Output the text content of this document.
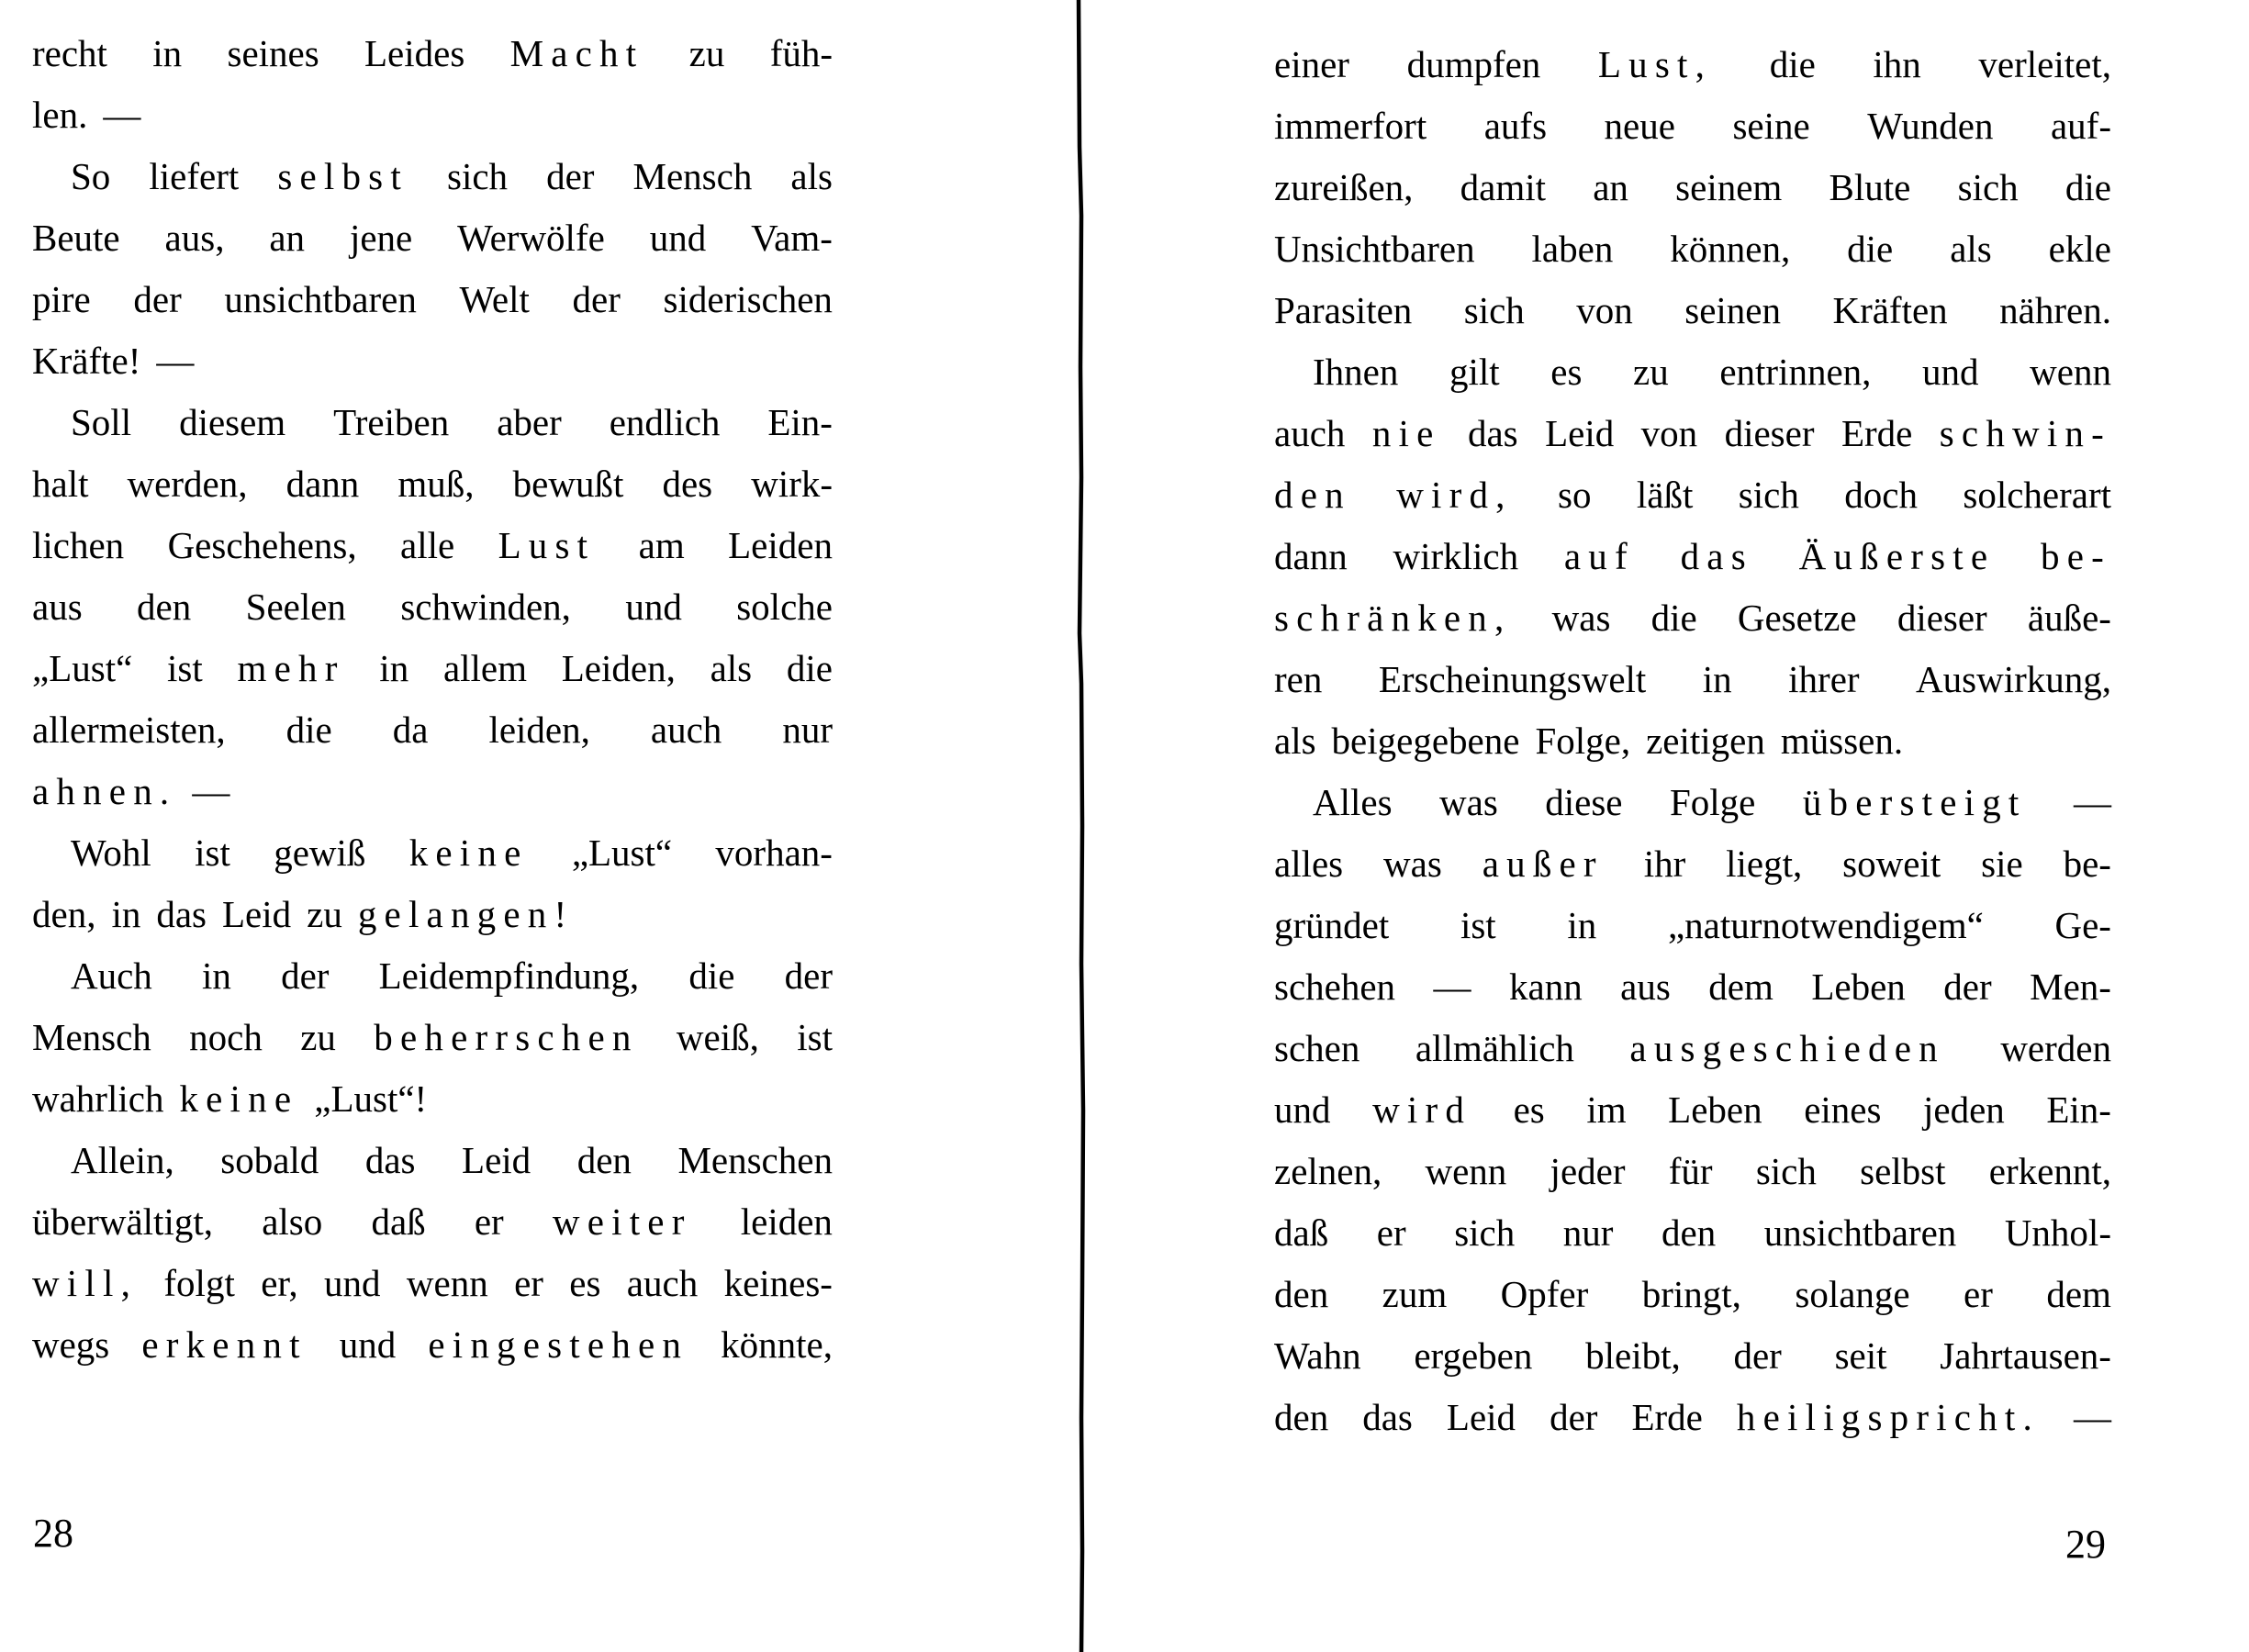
recht in seines Leides Macht zu füh-
len. —
So liefert selbst sich der Mensch als
Beute aus, an jene Werwölfe und Vam-
pire der unsichtbaren Welt der siderischen
Kräfte! —
Soll diesem Treiben aber endlich Ein-
halt werden, dann muß, bewußt des wirk-
lichen Geschehens, alle Lust am Leiden
aus den Seelen schwinden, und solche
„Lust“ ist mehr in allem Leiden, als die
allermeisten, die da leiden, auch nur
ahnen. —
Wohl ist gewiß keine „Lust“ vorhan-
den, in das Leid zu gelangen!
Auch in der Leidempfindung, die der
Mensch noch zu beherrschen weiß, ist
wahrlich keine „Lust“!
Allein, sobald das Leid den Menschen
überwältigt, also daß er weiter leiden
will, folgt er, und wenn er es auch keines-
wegs erkennt und eingestehen könnte,
einer dumpfen Lust, die ihn verleitet,
immerfort aufs neue seine Wunden auf-
zureißen, damit an seinem Blute sich die
Unsichtbaren laben können, die als ekle
Parasiten sich von seinen Kräften nähren.
Ihnen gilt es zu entrinnen, und wenn
auch nie das Leid von dieser Erde schwin-
den wird, so läßt sich doch solcherart
dann wirklich auf das Äußerste be-
schränken, was die Gesetze dieser äuße-
ren Erscheinungswelt in ihrer Auswirkung,
als beigegebene Folge, zeitigen müssen.
Alles was diese Folge übersteigt —
alles was außer ihr liegt, soweit sie be-
gründet ist in „naturnotwendigem“ Ge-
schehen — kann aus dem Leben der Men-
schen allmählich ausgeschieden werden
und wird es im Leben eines jeden Ein-
zelnen, wenn jeder für sich selbst erkennt,
daß er sich nur den unsichtbaren Unhol-
den zum Opfer bringt, solange er dem
Wahn ergeben bleibt, der seit Jahrtausen-
den das Leid der Erde heiligspricht. —
28	29
